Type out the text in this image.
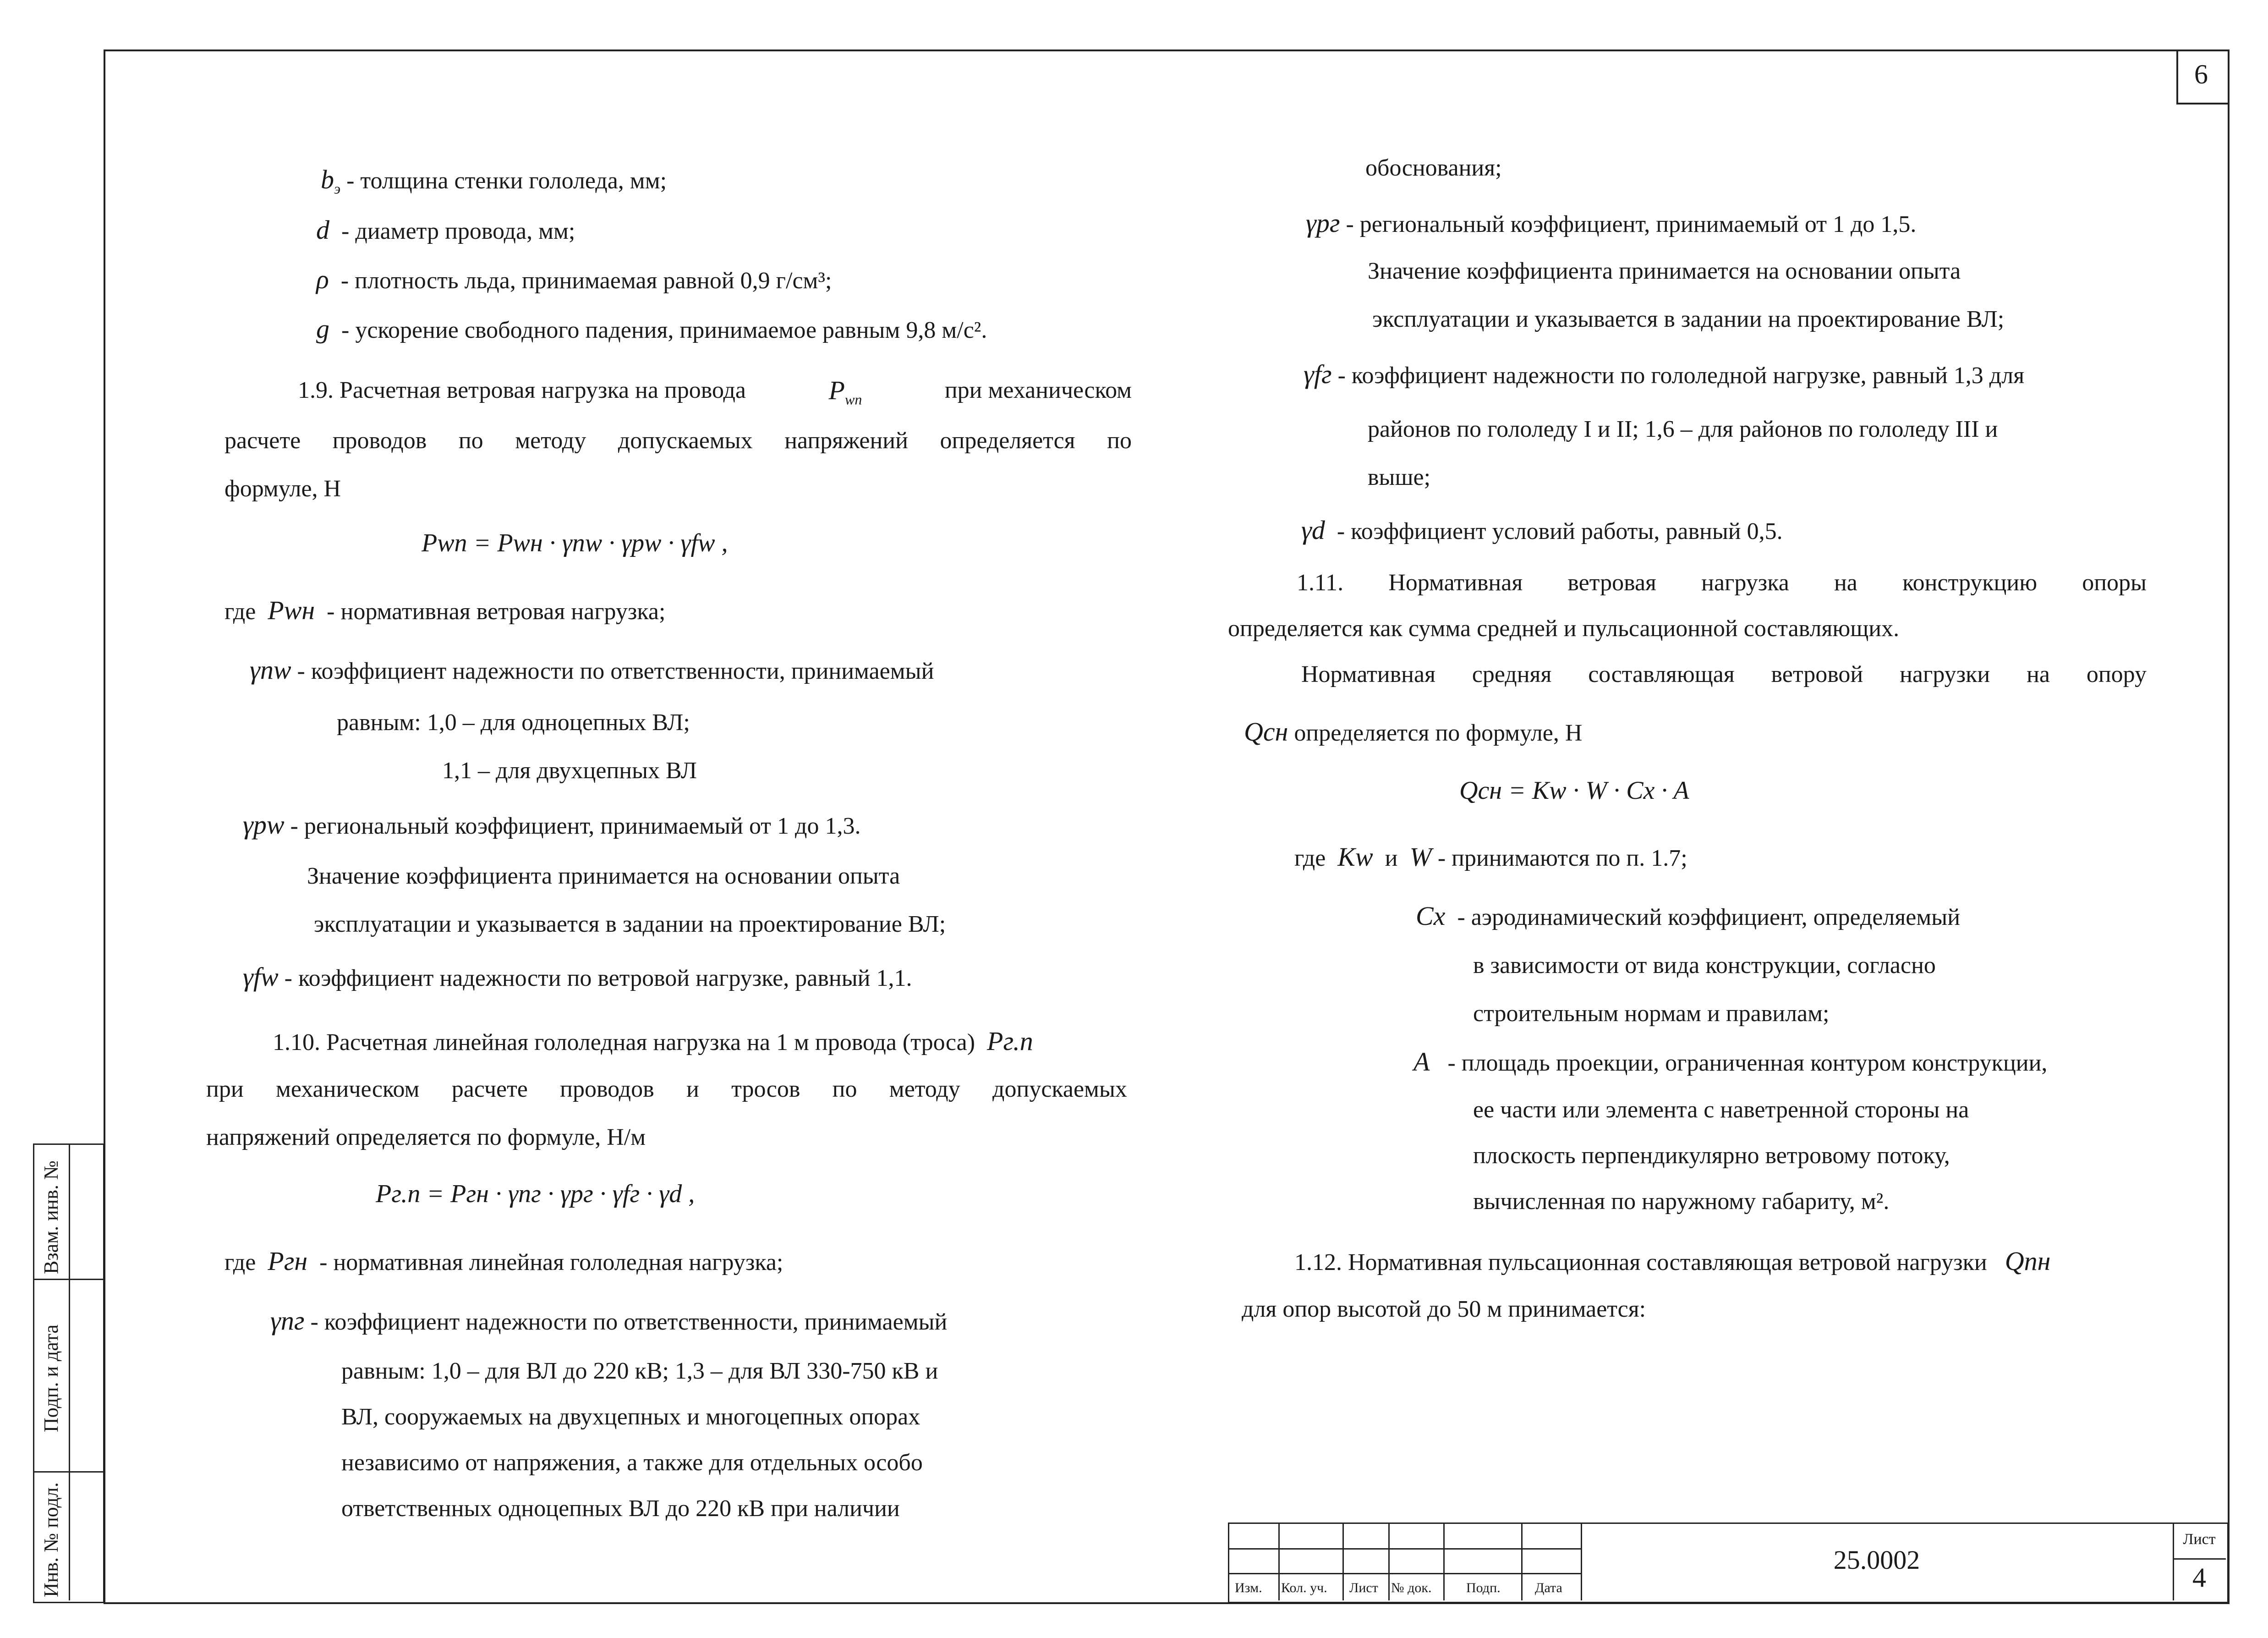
6
Взам. инв. №
Подп. и дата
Инв. № подл.
$b_э$ - толщина стенки гололеда, мм;
d - диаметр провода, мм;
ρ - плотность льда, принимаемая равной 0,9 г/см³;
g - ускорение свободного падения, принимаемое равным 9,8 м/с².
1.9. Расчетная ветровая нагрузка на провода	$P_{wп}$	при механическом
расчете проводов по методу допускаемых напряжений определяется по
формуле, Н
Pwп = Pwн · γnw · γpw · γfw ,
где Pwн - нормативная ветровая нагрузка;
γnw - коэффициент надежности по ответственности, принимаемый
равным: 1,0 – для одноцепных ВЛ;
1,1 – для двухцепных ВЛ
γpw - региональный коэффициент, принимаемый от 1 до 1,3.
Значение коэффициента принимается на основании опыта
эксплуатации и указывается в задании на проектирование ВЛ;
γfw - коэффициент надежности по ветровой нагрузке, равный 1,1.
1.10. Расчетная линейная гололедная нагрузка на 1 м провода (троса) Pг.п
при механическом расчете проводов и тросов по методу допускаемых
напряжений определяется по формуле, Н/м
Pг.п = Pгн · γnг · γpг · γfг · γd ,
где Pгн - нормативная линейная гололедная нагрузка;
γnг - коэффициент надежности по ответственности, принимаемый
равным: 1,0 – для ВЛ до 220 кВ; 1,3 – для ВЛ 330-750 кВ и
ВЛ, сооружаемых на двухцепных и многоцепных опорах
независимо от напряжения, а также для отдельных особо
ответственных одноцепных ВЛ до 220 кВ при наличии
обоснования;
γpг - региональный коэффициент, принимаемый от 1 до 1,5.
Значение коэффициента принимается на основании опыта
эксплуатации и указывается в задании на проектирование ВЛ;
γfг - коэффициент надежности по гололедной нагрузке, равный 1,3 для
районов по гололеду I и II; 1,6 – для районов по гололеду III и
выше;
γd - коэффициент условий работы, равный 0,5.
1.11. Нормативная ветровая нагрузка на конструкцию опоры
определяется как сумма средней и пульсационной составляющих.
Нормативная средняя составляющая ветровой нагрузки на опору
Qсн определяется по формуле, Н
Qсн = Kw · W · Cx · A
где Kw и W - принимаются по п. 1.7;
Cx - аэродинамический коэффициент, определяемый
в зависимости от вида конструкции, согласно
строительным нормам и правилам;
A - площадь проекции, ограниченная контуром конструкции,
ее части или элемента с наветренной стороны на
плоскость перпендикулярно ветровому потоку,
вычисленная по наружному габариту, м².
1.12. Нормативная пульсационная составляющая ветровой нагрузки Qпн
для опор высотой до 50 м принимается:
Изм. Кол. уч. Лист № док.	Подп.	Дата
25.0002
Лист
4
